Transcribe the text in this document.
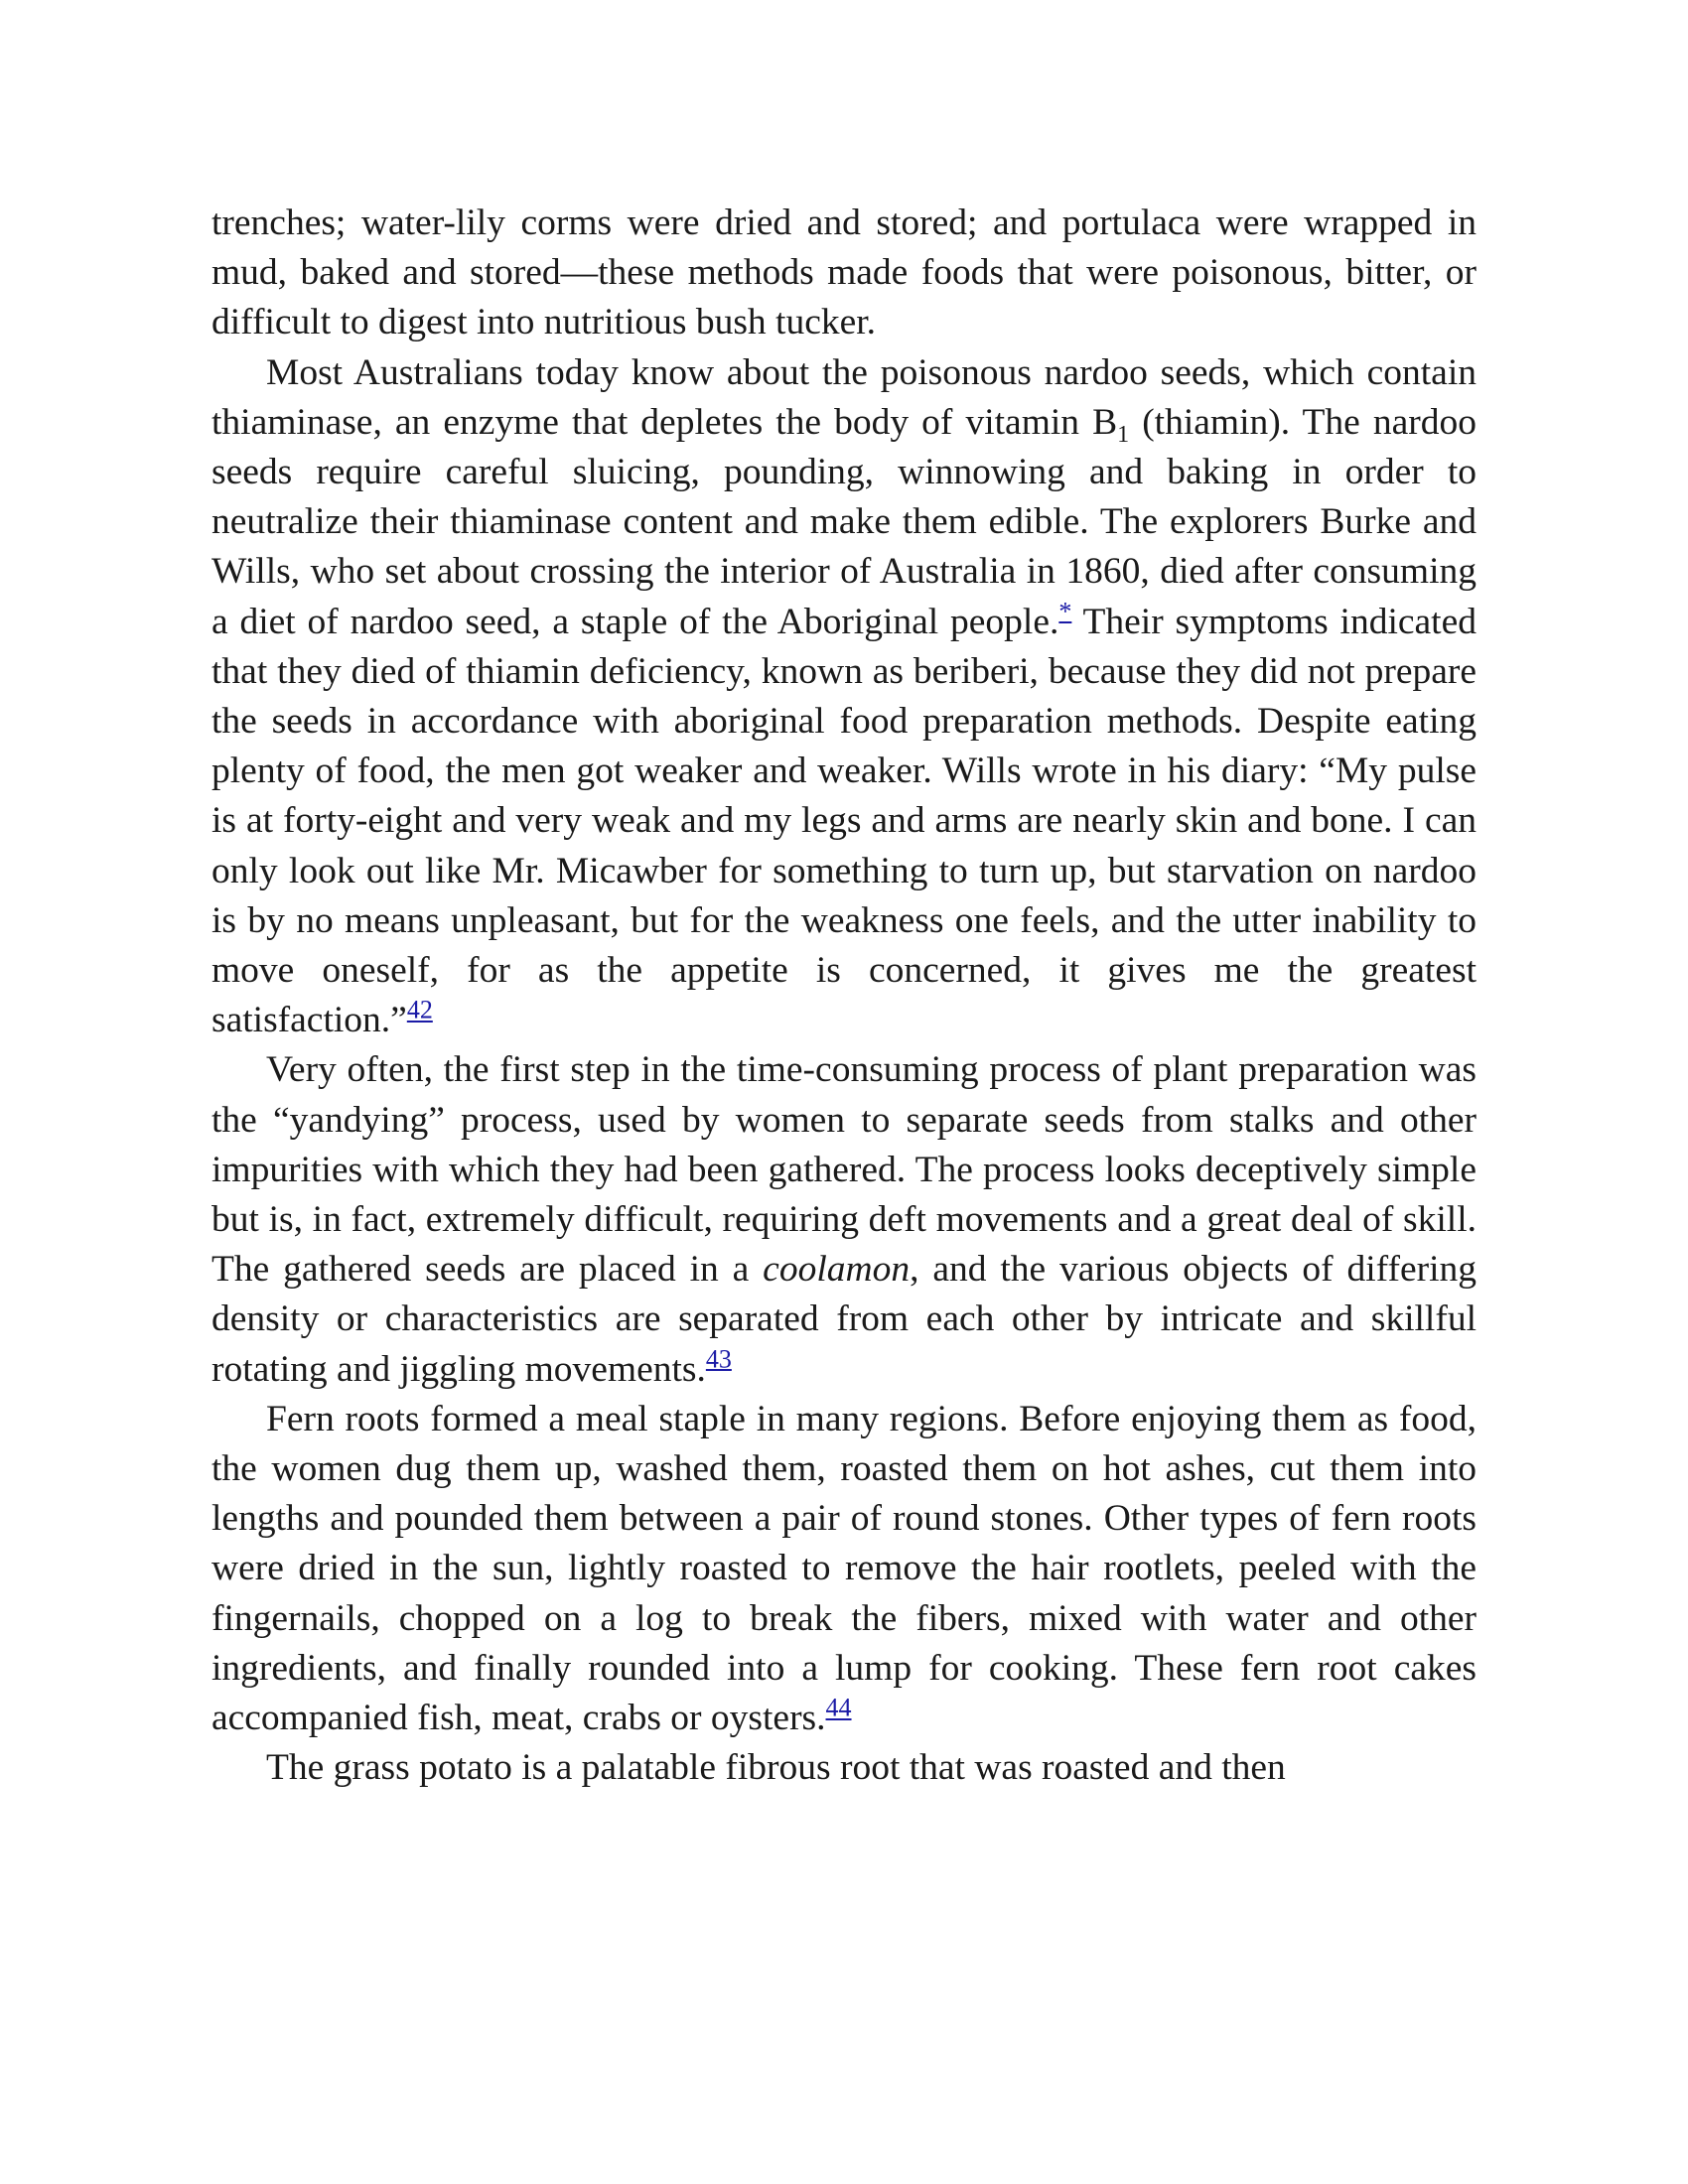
trenches; water-lily corms were dried and stored; and portulaca were wrapped in mud, baked and stored—these methods made foods that were poisonous, bitter, or difficult to digest into nutritious bush tucker.

Most Australians today know about the poisonous nardoo seeds, which contain thiaminase, an enzyme that depletes the body of vitamin $B_1$ (thiamin). The nardoo seeds require careful sluicing, pounding, winnowing and baking in order to neutralize their thiaminase content and make them edible. The explorers Burke and Wills, who set about crossing the interior of Australia in 1860, died after consuming a diet of nardoo seed, a staple of the Aboriginal people.* Their symptoms indicated that they died of thiamin deficiency, known as beriberi, because they did not prepare the seeds in accordance with aboriginal food preparation methods. Despite eating plenty of food, the men got weaker and weaker. Wills wrote in his diary: “My pulse is at forty-eight and very weak and my legs and arms are nearly skin and bone. I can only look out like Mr. Micawber for something to turn up, but starvation on nardoo is by no means unpleasant, but for the weakness one feels, and the utter inability to move oneself, for as the appetite is concerned, it gives me the greatest satisfaction.”$^{42}$

Very often, the first step in the time-consuming process of plant preparation was the “yandying” process, used by women to separate seeds from stalks and other impurities with which they had been gathered. The process looks deceptively simple but is, in fact, extremely difficult, requiring deft movements and a great deal of skill. The gathered seeds are placed in a coolamon, and the various objects of differing density or characteristics are separated from each other by intricate and skillful rotating and jiggling movements.$^{43}$

Fern roots formed a meal staple in many regions. Before enjoying them as food, the women dug them up, washed them, roasted them on hot ashes, cut them into lengths and pounded them between a pair of round stones. Other types of fern roots were dried in the sun, lightly roasted to remove the hair rootlets, peeled with the fingernails, chopped on a log to break the fibers, mixed with water and other ingredients, and finally rounded into a lump for cooking. These fern root cakes accompanied fish, meat, crabs or oysters.$^{44}$

The grass potato is a palatable fibrous root that was roasted and then
